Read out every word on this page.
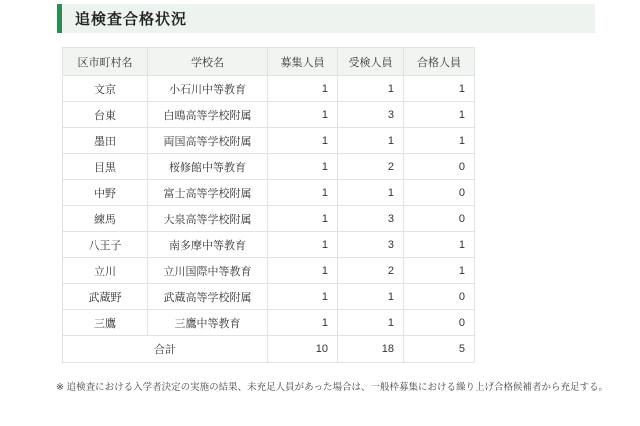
追検査合格状況
区市町村名	学校名	募集人員	受検人員	合格人員
文京	小石川中等教育	1	1	1
台東	白鴎高等学校附属	1	3	1
墨田	両国高等学校附属	1	1	1
目黒	桜修館中等教育	1	2	0
中野	富士高等学校附属	1	1	0
練馬	大泉高等学校附属	1	3	0
八王子	南多摩中等教育	1	3	1
立川	立川国際中等教育	1	2	1
武蔵野	武蔵高等学校附属	1	1	0
三鷹	三鷹中等教育	1	1	0
合計		10	18	5

※ 追検査における入学者決定の実施の結果、未充足人員があった場合は、一般枠募集における繰り上げ合格候補者から充足する。
